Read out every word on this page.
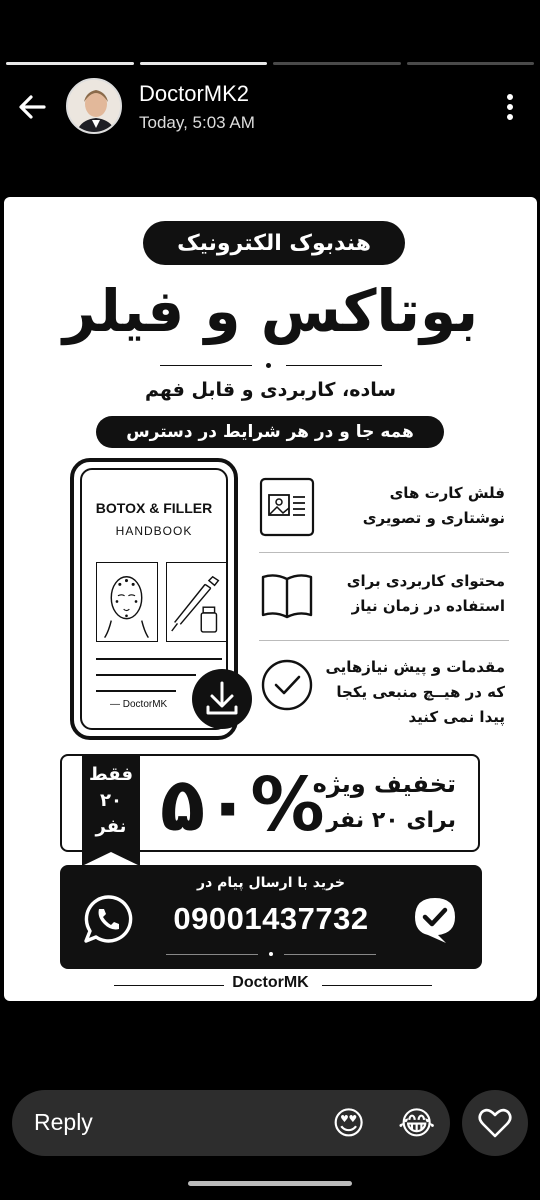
DoctorMK2
Today, 5:03 AM
هندبوک الکترونیک
بوتاکس و فیلر
ساده، کاربردی و قابل فهم
همه جا و در هر شرایط در دسترس
BOTOX & FILLER
HANDBOOK
— DoctorMK
فلش کارت های نوشتاری و تصویری
محتوای کاربردی برای استفاده در زمان نیاز
مقدمات و پیش نیازهایی که در هیــچ منبعی یکجا پیدا نمی کنید
فقط
۲۰
نفر ۵۰%
تخفیف ویژه
برای ۲۰ نفر
خرید با ارسال پیام در
09001437732
DoctorMK
Reply	😍 😂
